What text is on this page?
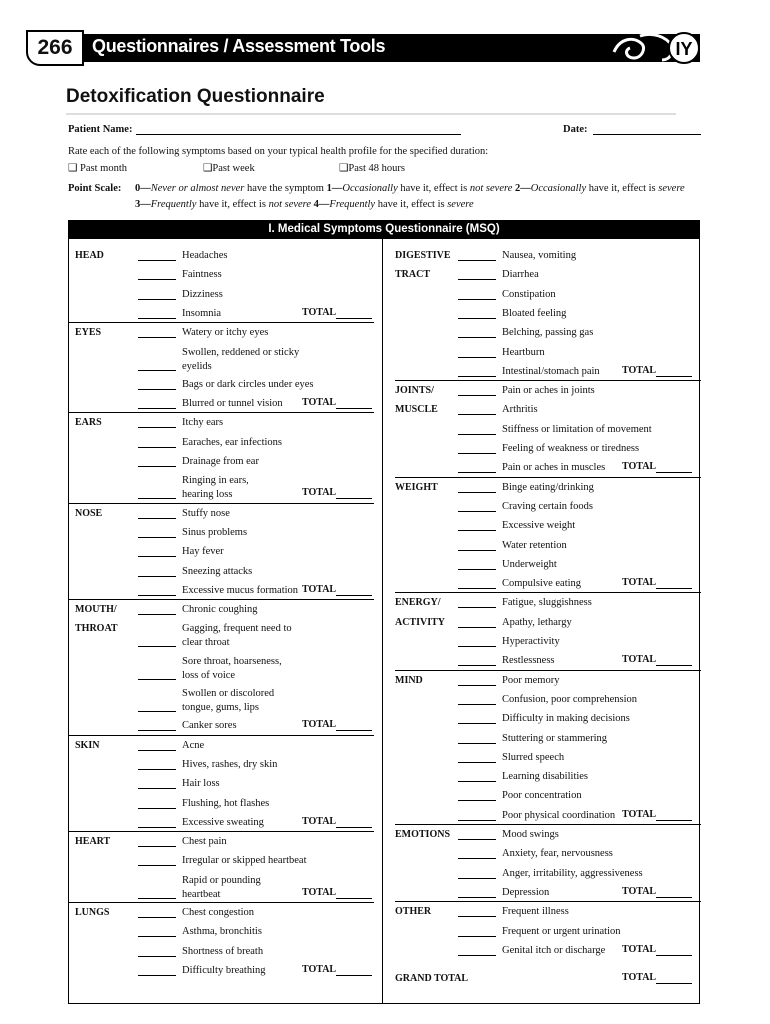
266	Questionnaires / Assessment Tools	IY
Detoxification Questionnaire
Patient Name:	Date:
Rate each of the following symptoms based on your typical health profile for the specified duration:
❑ Past month	❑Past week	❑Past 48 hours
Point Scale: 0—Never or almost never have the symptom 1—Occasionally have it, effect is not severe 2—Occasionally have it, effect is severe
3—Frequently have it, effect is not severe 4—Frequently have it, effect is severe
I. Medical Symptoms Questionnaire (MSQ)
HEAD	Headaches
Faintness
Dizziness
Insomnia	TOTAL
EYES	Watery or itchy eyes
Swollen, reddened or sticky
eyelids
Bags or dark circles under eyes
Blurred or tunnel vision TOTAL
EARS	Itchy ears
Earaches, ear infections
Drainage from ear
Ringing in ears,
hearing loss	TOTAL
NOSE	Stuffy nose
Sinus problems
Hay fever
Sneezing attacks
Excessive mucus formation TOTAL
MOUTH/
THROAT
Chronic coughing
Gagging, frequent need to
clear throat
Sore throat, hoarseness,
loss of voice
Swollen or discolored
tongue, gums, lips
Canker sores	TOTAL
SKIN	Acne
Hives, rashes, dry skin
Hair loss
Flushing, hot flashes
Excessive sweating	TOTAL
HEART	Chest pain
Irregular or skipped heartbeat
Rapid or pounding
heartbeat	TOTAL
LUNGS	Chest congestion
Asthma, bronchitis
Shortness of breath
Difficulty breathing	TOTAL
DIGESTIVE
TRACT
Nausea, vomiting
Diarrhea
Constipation
Bloated feeling
Belching, passing gas
Heartburn
Intestinal/stomach pain TOTAL
JOINTS/
MUSCLE
Pain or aches in joints
Arthritis
Stiffness or limitation of movement
Feeling of weakness or tiredness
Pain or aches in muscles TOTAL
WEIGHT	Binge eating/drinking
Craving certain foods
Excessive weight
Water retention
Underweight
Compulsive eating	TOTAL
ENERGY/
ACTIVITY
Fatigue, sluggishness
Apathy, lethargy
Hyperactivity
Restlessness	TOTAL
MIND	Poor memory
Confusion, poor comprehension
Difficulty in making decisions
Stuttering or stammering
Slurred speech
Learning disabilities
Poor concentration
Poor physical coordination TOTAL
EMOTIONS	Mood swings
Anxiety, fear, nervousness
Anger, irritability, aggressiveness
Depression	TOTAL
OTHER	Frequent illness
Frequent or urgent urination
Genital itch or discharge TOTAL
GRAND TOTAL	TOTAL
